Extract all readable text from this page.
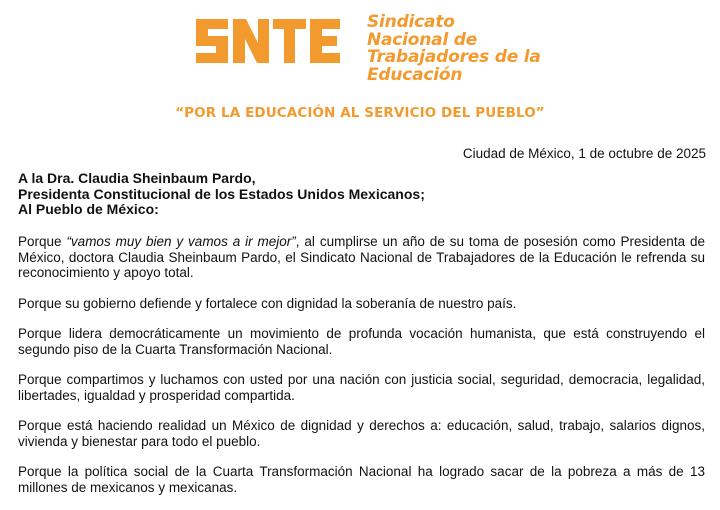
Sindicato
Nacional de
Trabajadores de la
Educación
“POR LA EDUCACIÓN AL SERVICIO DEL PUEBLO”
Ciudad de México, 1 de octubre de 2025
A la Dra. Claudia Sheinbaum Pardo,
Presidenta Constitucional de los Estados Unidos Mexicanos;
Al Pueblo de México:

Porque “vamos muy bien y vamos a ir mejor”, al cumplirse un año de su toma de posesión como Presidenta de México, doctora Claudia Sheinbaum Pardo, el Sindicato Nacional de Trabajadores de la Educación le refrenda su reconocimiento y apoyo total.

Porque su gobierno defiende y fortalece con dignidad la soberanía de nuestro país.

Porque lidera democráticamente un movimiento de profunda vocación humanista, que está construyendo el segundo piso de la Cuarta Transformación Nacional.

Porque compartimos y luchamos con usted por una nación con justicia social, seguridad, democracia, legalidad, libertades, igualdad y prosperidad compartida.

Porque está haciendo realidad un México de dignidad y derechos a: educación, salud, trabajo, salarios dignos, vivienda y bienestar para todo el pueblo.

Porque la política social de la Cuarta Transformación Nacional ha logrado sacar de la pobreza a más de 13 millones de mexicanos y mexicanas.
